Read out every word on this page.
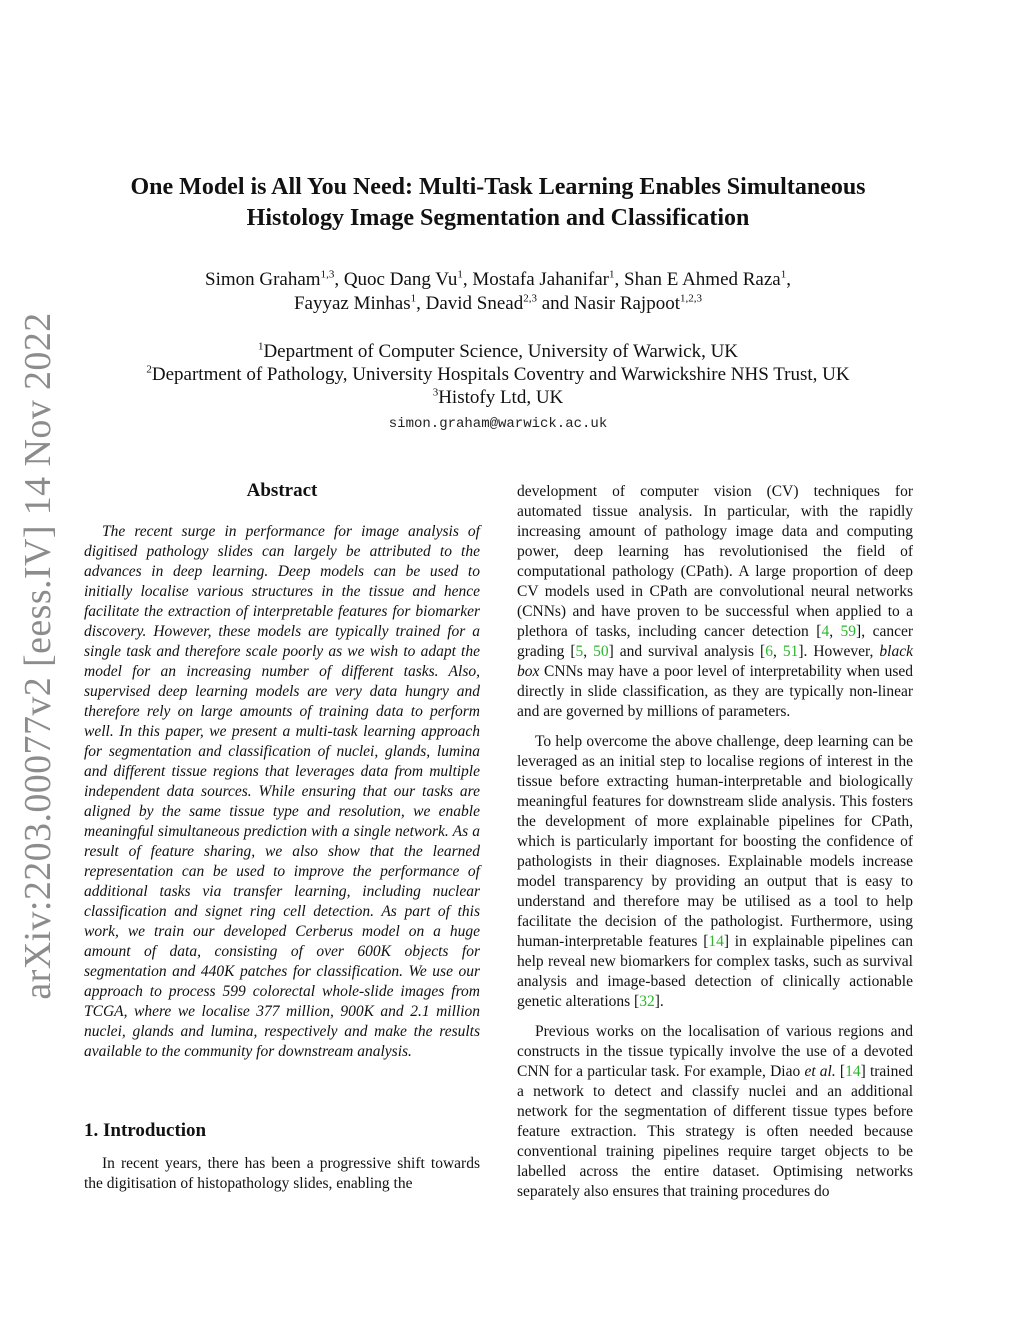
arXiv:2203.00077v2 [eess.IV] 14 Nov 2022
One Model is All You Need: Multi-Task Learning Enables Simultaneous
Histology Image Segmentation and Classification
Simon Graham$^{1,3}$, Quoc Dang Vu$^1$, Mostafa Jahanifar$^1$, Shan E Ahmed Raza$^1$,
Fayyaz Minhas$^1$, David Snead$^{2,3}$ and Nasir Rajpoot$^{1,2,3}$
$^1$Department of Computer Science, University of Warwick, UK
$^2$Department of Pathology, University Hospitals Coventry and Warwickshire NHS Trust, UK
$^3$Histofy Ltd, UK
simon.graham@warwick.ac.uk
Abstract

The recent surge in performance for image analysis of digitised pathology slides can largely be attributed to the advances in deep learning. Deep models can be used to initially localise various structures in the tissue and hence facilitate the extraction of interpretable features for biomarker discovery. However, these models are typically trained for a single task and therefore scale poorly as we wish to adapt the model for an increasing number of different tasks. Also, supervised deep learning models are very data hungry and therefore rely on large amounts of training data to perform well. In this paper, we present a multi-task learning approach for segmentation and classification of nuclei, glands, lumina and different tissue regions that leverages data from multiple independent data sources. While ensuring that our tasks are aligned by the same tissue type and resolution, we enable meaningful simultaneous prediction with a single network. As a result of feature sharing, we also show that the learned representation can be used to improve the performance of additional tasks via transfer learning, including nuclear classification and signet ring cell detection. As part of this work, we train our developed Cerberus model on a huge amount of data, consisting of over 600K objects for segmentation and 440K patches for classification. We use our approach to process 599 colorectal whole-slide images from TCGA, where we localise 377 million, 900K and 2.1 million nuclei, glands and lumina, respectively and make the results available to the community for downstream analysis.

1. Introduction

In recent years, there has been a progressive shift towards the digitisation of histopathology slides, enabling the

development of computer vision (CV) techniques for automated tissue analysis. In particular, with the rapidly increasing amount of pathology image data and computing power, deep learning has revolutionised the field of computational pathology (CPath). A large proportion of deep CV models used in CPath are convolutional neural networks (CNNs) and have proven to be successful when applied to a plethora of tasks, including cancer detection [4, 59], cancer grading [5, 50] and survival analysis [6, 51]. However, black box CNNs may have a poor level of interpretability when used directly in slide classification, as they are typically non-linear and are governed by millions of parameters.

To help overcome the above challenge, deep learning can be leveraged as an initial step to localise regions of interest in the tissue before extracting human-interpretable and biologically meaningful features for downstream slide analysis. This fosters the development of more explainable pipelines for CPath, which is particularly important for boosting the confidence of pathologists in their diagnoses. Explainable models increase model transparency by providing an output that is easy to understand and therefore may be utilised as a tool to help facilitate the decision of the pathologist. Furthermore, using human-interpretable features [14] in explainable pipelines can help reveal new biomarkers for complex tasks, such as survival analysis and image-based detection of clinically actionable genetic alterations [32].

Previous works on the localisation of various regions and constructs in the tissue typically involve the use of a devoted CNN for a particular task. For example, Diao et al. [14] trained a network to detect and classify nuclei and an additional network for the segmentation of different tissue types before feature extraction. This strategy is often needed because conventional training pipelines require target objects to be labelled across the entire dataset. Optimising networks separately also ensures that training procedures do
